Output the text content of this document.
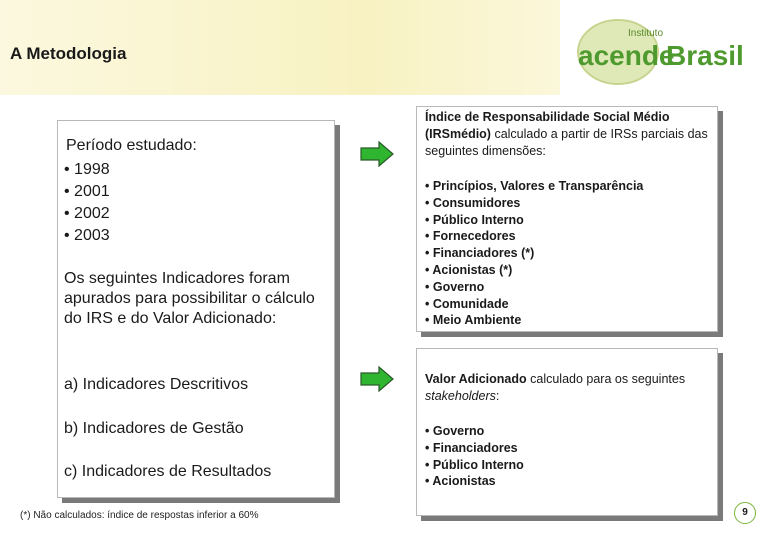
A Metodologia
Instituto
acende
Brasil
Período estudado:
• 1998
• 2001
• 2002
• 2003
Os seguintes Indicadores foram apurados para possibilitar o cálculo do IRS e do Valor Adicionado:
a) Indicadores Descritivos
b) Indicadores de Gestão
c) Indicadores de Resultados
Índice de Responsabilidade Social Médio (IRSmédio) calculado a partir de IRSs parciais das seguintes dimensões:
• Princípios, Valores e Transparência
• Consumidores
• Público Interno
• Fornecedores
• Financiadores (*)
• Acionistas (*)
• Governo
• Comunidade
• Meio Ambiente
Valor Adicionado calculado para os seguintes stakeholders:
• Governo
• Financiadores
• Público Interno
• Acionistas
(*) Não calculados: índice de respostas inferior a 60%	9
